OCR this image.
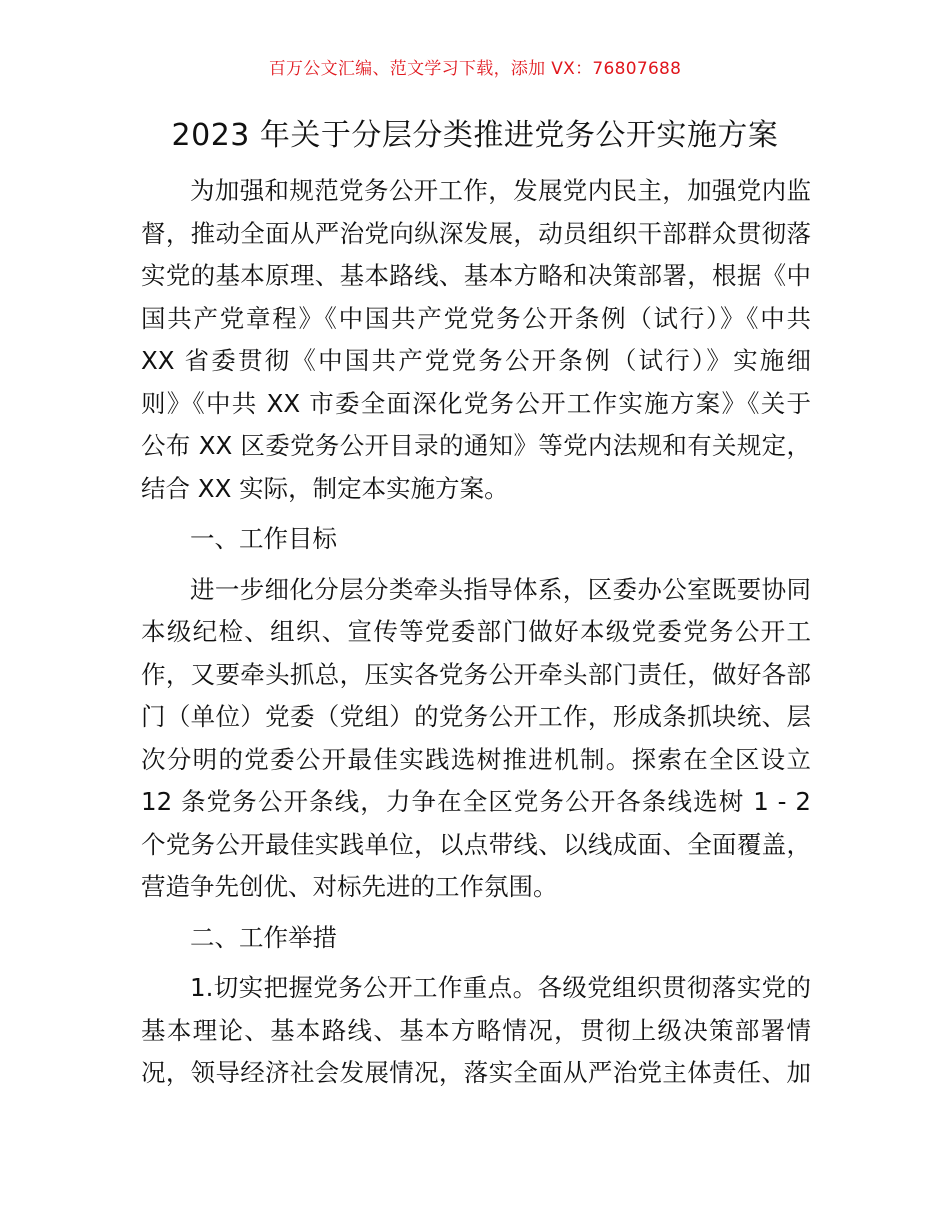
百万公文汇编、范文学习下载，添加 VX：76807688
2023 年关于分层分类推进党务公开实施方案
为加强和规范党务公开工作，发展党内民主，加强党内监
督，推动全面从严治党向纵深发展，动员组织干部群众贯彻落
实党的基本原理、基本路线、基本方略和决策部署，根据《中
国共产党章程》《中国共产党党务公开条例（试行）》《中共
XX 省委贯彻《中国共产党党务公开条例（试行）》实施细
则》《中共 XX 市委全面深化党务公开工作实施方案》《关于
公布 XX 区委党务公开目录的通知》等党内法规和有关规定，
结合 XX 实际，制定本实施方案。
一、工作目标
进一步细化分层分类牵头指导体系，区委办公室既要协同
本级纪检、组织、宣传等党委部门做好本级党委党务公开工
作，又要牵头抓总，压实各党务公开牵头部门责任，做好各部
门（单位）党委（党组）的党务公开工作，形成条抓块统、层
次分明的党委公开最佳实践选树推进机制。探索在全区设立
12 条党务公开条线，力争在全区党务公开各条线选树 1 - 2
个党务公开最佳实践单位，以点带线、以线成面、全面覆盖，
营造争先创优、对标先进的工作氛围。
二、工作举措
1.切实把握党务公开工作重点。各级党组织贯彻落实党的
基本理论、基本路线、基本方略情况，贯彻上级决策部署情
况，领导经济社会发展情况，落实全面从严治党主体责任、加
